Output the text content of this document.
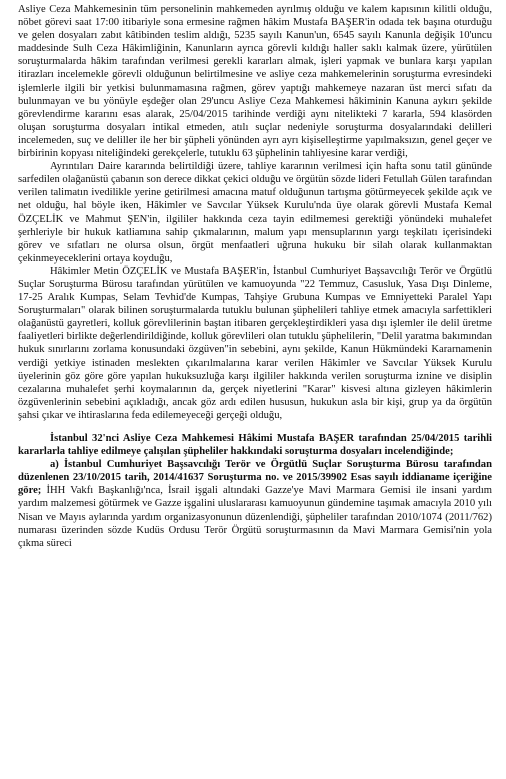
Asliye Ceza Mahkemesinin tüm personelinin mahkemeden ayrılmış olduğu ve kalem kapısının kilitli olduğu, nöbet görevi saat 17:00 itibariyle sona ermesine rağmen hâkim Mustafa BAŞER'in odada tek başına oturduğu ve gelen dosyaları zabıt kâtibinden teslim aldığı, 5235 sayılı Kanun'un, 6545 sayılı Kanunla değişik 10'uncu maddesinde Sulh Ceza Hâkimliğinin, Kanunların ayrıca görevli kıldığı haller saklı kalmak üzere, yürütülen soruşturmalarda hâkim tarafından verilmesi gerekli kararları almak, işleri yapmak ve bunlara karşı yapılan itirazları incelemekle görevli olduğunun belirtilmesine ve asliye ceza mahkemelerinin soruşturma evresindeki işlemlerle ilgili bir yetkisi bulunmamasına rağmen, görev yaptığı mahkemeye nazaran üst merci sıfatı da bulunmayan ve bu yönüyle eşdeğer olan 29'uncu Asliye Ceza Mahkemesi hâkiminin Kanuna aykırı şekilde görevlendirme kararını esas alarak, 25/04/2015 tarihinde verdiği aynı nitelikteki 7 kararla, 594 klasörden oluşan soruşturma dosyaları intikal etmeden, atılı suçlar nedeniyle soruşturma dosyalarındaki delilleri incelemeden, suç ve deliller ile her bir şüpheli yönünden ayrı ayrı kişiselleştirme yapılmaksızın, genel geçer ve birbirinin kopyası niteliğindeki gerekçelerle, tutuklu 63 şüphelinin tahliyesine karar verdiği,

Ayrıntıları Daire kararında belirtildiği üzere, tahliye kararının verilmesi için hafta sonu tatil gününde sarfedilen olağanüstü çabanın son derece dikkat çekici olduğu ve örgütün sözde lideri Fetullah Gülen tarafından verilen talimatın ivedilikle yerine getirilmesi amacına matuf olduğunun tartışma götürmeyecek şekilde açık ve net olduğu, hal böyle iken, Hâkimler ve Savcılar Yüksek Kurulu'nda üye olarak görevli Mustafa Kemal ÖZÇELİK ve Mahmut ŞEN'in, ilgililer hakkında ceza tayin edilmemesi gerektiği yönündeki muhalefet şerhleriyle bir hukuk katliamına sahip çıkmalarının, malum yapı mensuplarının yargı teşkilatı içerisindeki görev ve sıfatları ne olursa olsun, örgüt menfaatleri uğruna hukuku bir silah olarak kullanmaktan çekinmeyeceklerini ortaya koyduğu,

Hâkimler Metin ÖZÇELİK ve Mustafa BAŞER'in, İstanbul Cumhuriyet Başsavcılığı Terör ve Örgütlü Suçlar Soruşturma Bürosu tarafından yürütülen ve kamuoyunda "22 Temmuz, Casusluk, Yasa Dışı Dinleme, 17-25 Aralık Kumpas, Selam Tevhid'de Kumpas, Tahşiye Grubuna Kumpas ve Emniyetteki Paralel Yapı Soruşturmaları" olarak bilinen soruşturmalarda tutuklu bulunan şüphelileri tahliye etmek amacıyla sarfettikleri olağanüstü gayretleri, kolluk görevlilerinin baştan itibaren gerçekleştirdikleri yasa dışı işlemler ile delil üretme faaliyetleri birlikte değerlendirildiğinde, kolluk görevlileri olan tutuklu şüphelilerin, "Delil yaratma bakımından hukuk sınırlarını zorlama konusundaki özgüven"in sebebini, aynı şekilde, Kanun Hükmündeki Kararnamenin verdiği yetkiye istinaden meslekten çıkarılmalarına karar verilen Hâkimler ve Savcılar Yüksek Kurulu üyelerinin göz göre göre yapılan hukuksuzluğa karşı ilgililer hakkında verilen soruşturma iznine ve disiplin cezalarına muhalefet şerhi koymalarının da, gerçek niyetlerini "Karar" kisvesi altına gizleyen hâkimlerin özgüvenlerinin sebebini açıkladığı, ancak göz ardı edilen hususun, hukukun asla bir kişi, grup ya da örgütün şahsi çıkar ve ihtiraslarına feda edilemeyeceği gerçeği olduğu,

İstanbul 32'nci Asliye Ceza Mahkemesi Hâkimi Mustafa BAŞER tarafından 25/04/2015 tarihli kararlarla tahliye edilmeye çalışılan şüpheliler hakkındaki soruşturma dosyaları incelendiğinde;

a) İstanbul Cumhuriyet Başsavcılığı Terör ve Örgütlü Suçlar Soruşturma Bürosu tarafından düzenlenen 23/10/2015 tarih, 2014/41637 Soruşturma no. ve 2015/39902 Esas sayılı iddianame içeriğine göre; İHH Vakfı Başkanlığı'nca, İsrail işgali altındaki Gazze'ye Mavi Marmara Gemisi ile insani yardım yardım malzemesi götürmek ve Gazze işgalini uluslararası kamuoyunun gündemine taşımak amacıyla 2010 yılı Nisan ve Mayıs aylarında yardım organizasyonunun düzenlendiği, şüpheliler tarafından 2010/1074 (2011/762) numarası üzerinden sözde Kudüs Ordusu Terör Örgütü soruşturmasının da Mavi Marmara Gemisi'nin yola çıkma süreci
